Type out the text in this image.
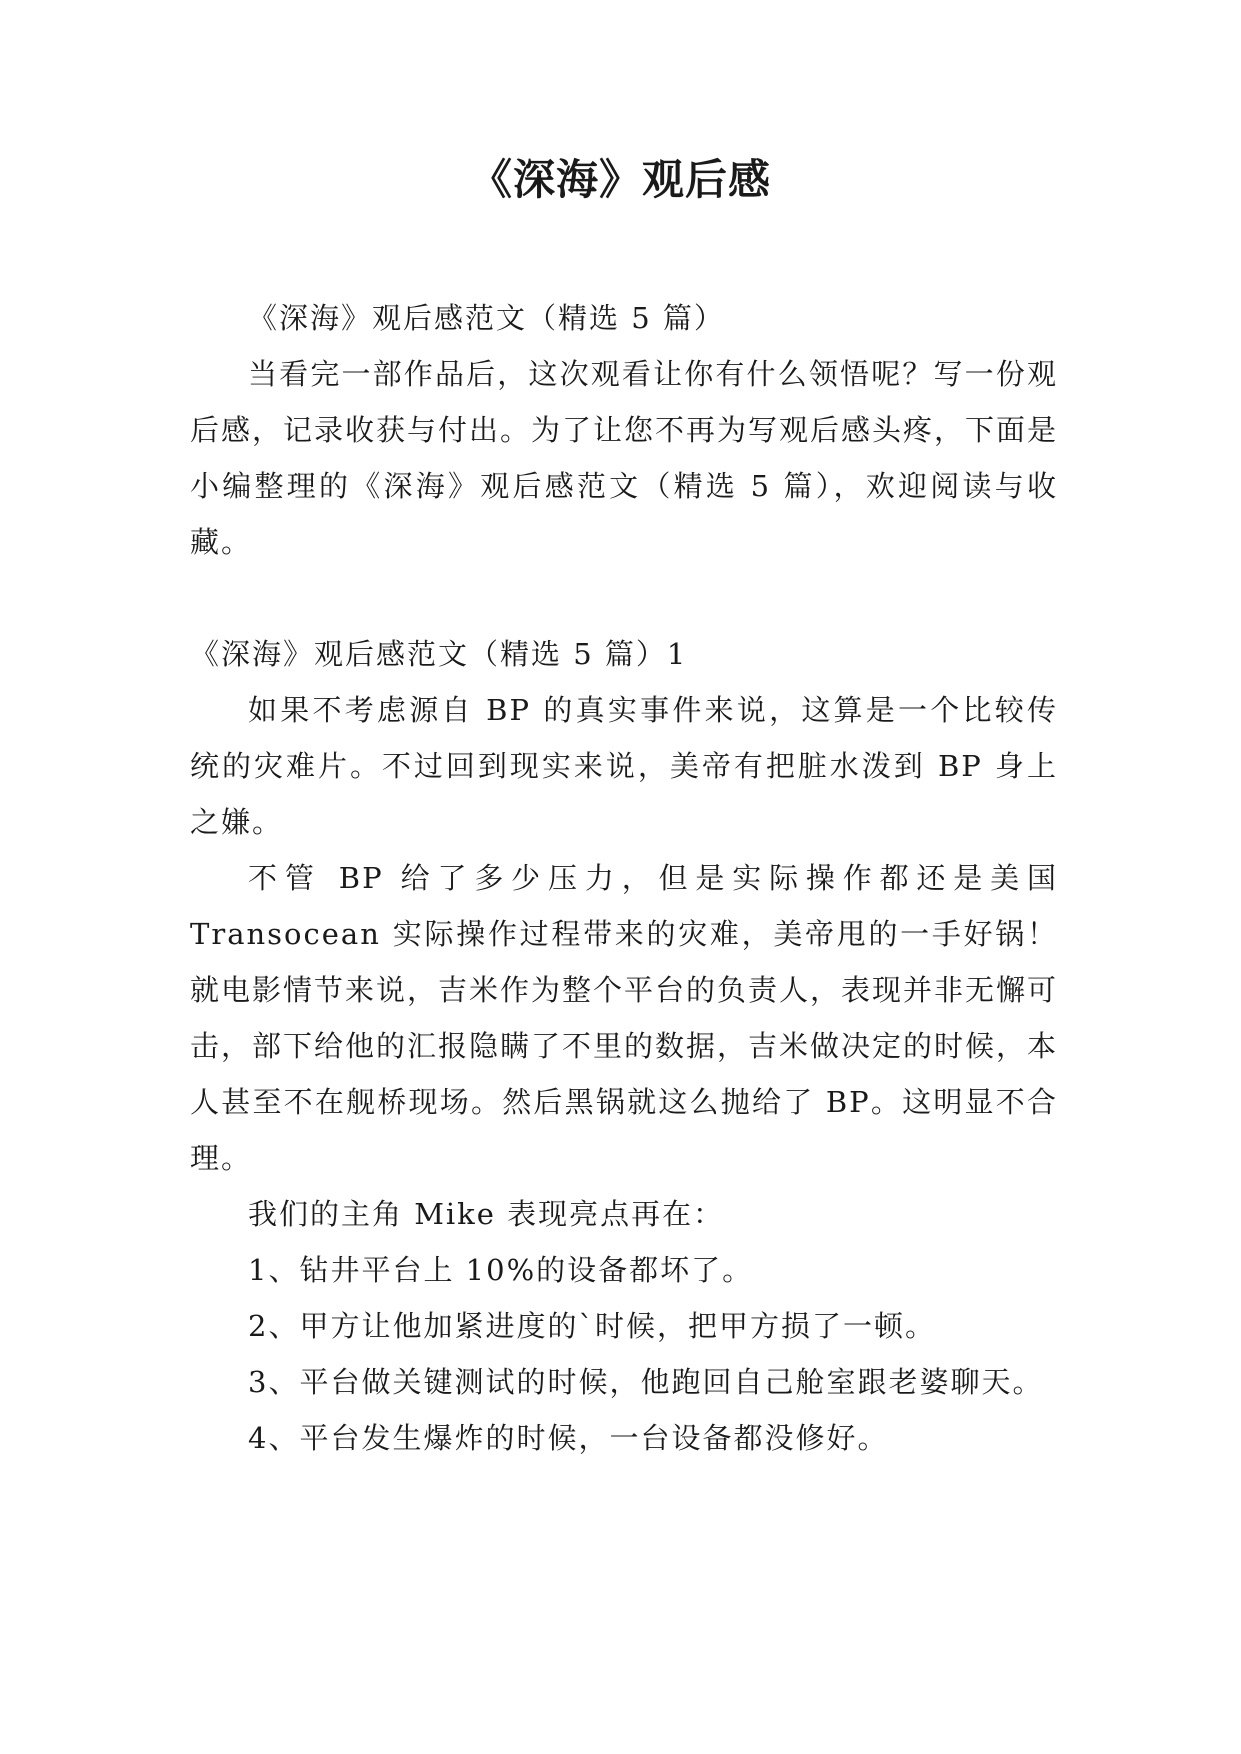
《深海》观后感

《深海》观后感范文（精选 5 篇）

当看完一部作品后，这次观看让你有什么领悟呢？写一份观后感，记录收获与付出。为了让您不再为写观后感头疼，下面是小编整理的《深海》观后感范文（精选 5 篇），欢迎阅读与收藏。

《深海》观后感范文（精选 5 篇）1

如果不考虑源自 BP 的真实事件来说，这算是一个比较传统的灾难片。不过回到现实来说，美帝有把脏水泼到 BP 身上之嫌。

不管 BP 给了多少压力，但是实际操作都还是美国 Transocean 实际操作过程带来的灾难，美帝甩的一手好锅！就电影情节来说，吉米作为整个平台的负责人，表现并非无懈可击，部下给他的汇报隐瞒了不里的数据，吉米做决定的时候，本人甚至不在舰桥现场。然后黑锅就这么抛给了 BP。这明显不合理。

我们的主角 Mike 表现亮点再在：

1、钻井平台上 10%的设备都坏了。

2、甲方让他加紧进度的`时候，把甲方损了一顿。

3、平台做关键测试的时候，他跑回自己舱室跟老婆聊天。

4、平台发生爆炸的时候，一台设备都没修好。
